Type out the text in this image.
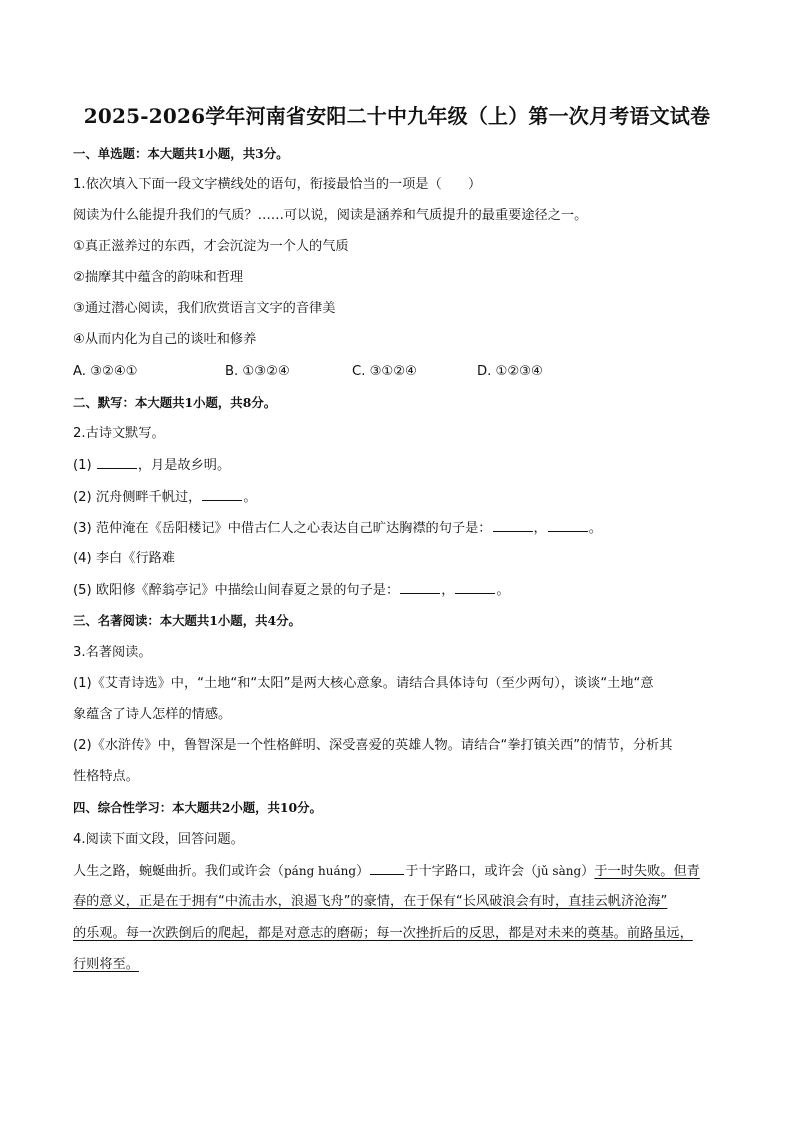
2025-2026学年河南省安阳二十中九年级（上）第一次月考语文试卷
一、单选题：本大题共1小题，共3分。
1.依次填入下面一段文字横线处的语句，衔接最恰当的一项是（　　）
阅读为什么能提升我们的气质？……可以说，阅读是涵养和气质提升的最重要途径之一。
①真正滋养过的东西，才会沉淀为一个人的气质
②揣摩其中蕴含的韵味和哲理
③通过潜心阅读，我们欣赏语言文字的音律美
④从而内化为自己的谈吐和修养
A. ③②④①	B. ①③②④	C. ③①②④	D. ①②③④
二、默写：本大题共1小题，共8分。
2.古诗文默写。
(1)	，月是故乡明。
(2) 沉舟侧畔千帆过，	。
(3) 范仲淹在《岳阳楼记》中借古仁人之心表达自己旷达胸襟的句子是：	，	。
(4) 李白《行路难
(5) 欧阳修《醉翁亭记》中描绘山间春夏之景的句子是：	，	。
三、名著阅读：本大题共1小题，共4分。
3.名著阅读。
(1)《艾青诗选》中，“土地“和“太阳”是两大核心意象。请结合具体诗句（至少两句），谈谈“土地“意
象蕴含了诗人怎样的情感。
(2)《水浒传》中，鲁智深是一个性格鲜明、深受喜爱的英雄人物。请结合“拳打镇关西”的情节，分析其
性格特点。
四、综合性学习：本大题共2小题，共10分。
4.阅读下面文段，回答问题。
人生之路，蜿蜒曲折。我们或许会（páng huáng）	于十字路口，或许会（jǔ sàng）于一时失败。但青
春的意义，正是在于拥有“中流击水，浪遏飞舟”的豪情，在于保有“长风破浪会有时，直挂云帆济沧海”
的乐观。每一次跌倒后的爬起，都是对意志的磨砺；每一次挫折后的反思，都是对未来的奠基。前路虽远，
行则将至。
